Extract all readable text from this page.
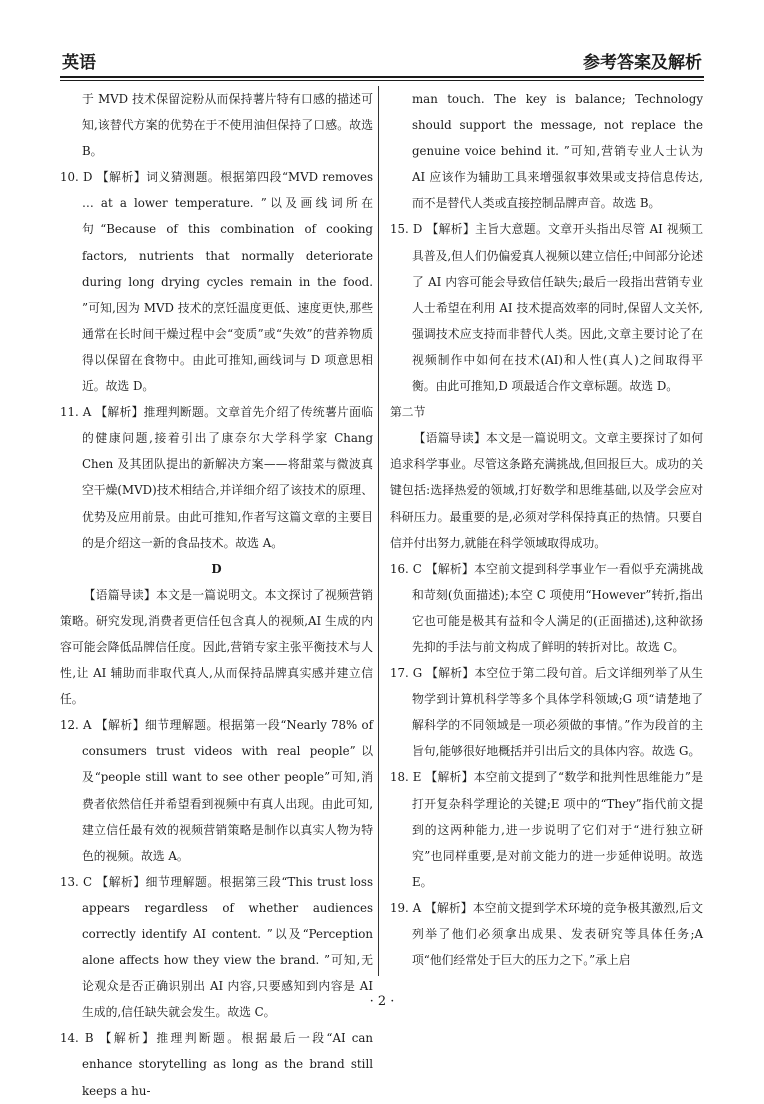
英语	参考答案及解析

于 MVD 技术保留淀粉从而保持薯片特有口感的描述可知,该替代方案的优势在于不使用油但保持了口感。故选 B。

10. D 【解析】词义猜测题。根据第四段“MVD removes … at a lower temperature. ”以及画线词所在句“Because of this combination of cooking factors, nutrients that normally deteriorate during long drying cycles remain in the food. ”可知,因为 MVD 技术的烹饪温度更低、速度更快,那些通常在长时间干燥过程中会“变质”或“失效”的营养物质得以保留在食物中。由此可推知,画线词与 D 项意思相近。故选 D。

11. A 【解析】推理判断题。文章首先介绍了传统薯片面临的健康问题,接着引出了康奈尔大学科学家 Chang Chen 及其团队提出的新解决方案——将甜菜与微波真空干燥(MVD)技术相结合,并详细介绍了该技术的原理、优势及应用前景。由此可推知,作者写这篇文章的主要目的是介绍这一新的食品技术。故选 A。

D

【语篇导读】本文是一篇说明文。本文探讨了视频营销策略。研究发现,消费者更信任包含真人的视频,AI 生成的内容可能会降低品牌信任度。因此,营销专家主张平衡技术与人性,让 AI 辅助而非取代真人,从而保持品牌真实感并建立信任。

12. A 【解析】细节理解题。根据第一段“Nearly 78% of consumers trust videos with real people”以及“people still want to see other people”可知,消费者依然信任并希望看到视频中有真人出现。由此可知,建立信任最有效的视频营销策略是制作以真实人物为特色的视频。故选 A。

13. C 【解析】细节理解题。根据第三段“This trust loss appears regardless of whether audiences correctly identify AI content. ”以及“Perception alone affects how they view the brand. ”可知,无论观众是否正确识别出 AI 内容,只要感知到内容是 AI 生成的,信任缺失就会发生。故选 C。

14. B 【解析】推理判断题。根据最后一段“AI can enhance storytelling as long as the brand still keeps a hu-

man touch. The key is balance; Technology should support the message, not replace the genuine voice behind it. ”可知,营销专业人士认为 AI 应该作为辅助工具来增强叙事效果或支持信息传达,而不是替代人类或直接控制品牌声音。故选 B。

15. D 【解析】主旨大意题。文章开头指出尽管 AI 视频工具普及,但人们仍偏爱真人视频以建立信任;中间部分论述了 AI 内容可能会导致信任缺失;最后一段指出营销专业人士希望在利用 AI 技术提高效率的同时,保留人文关怀,强调技术应支持而非替代人类。因此,文章主要讨论了在视频制作中如何在技术(AI)和人性(真人)之间取得平衡。由此可推知,D 项最适合作文章标题。故选 D。

第二节

【语篇导读】本文是一篇说明文。文章主要探讨了如何追求科学事业。尽管这条路充满挑战,但回报巨大。成功的关键包括:选择热爱的领域,打好数学和思维基础,以及学会应对科研压力。最重要的是,必须对学科保持真正的热情。只要自信并付出努力,就能在科学领域取得成功。

16. C 【解析】本空前文提到科学事业乍一看似乎充满挑战和苛刻(负面描述);本空 C 项使用“However”转折,指出它也可能是极其有益和令人满足的(正面描述),这种欲扬先抑的手法与前文构成了鲜明的转折对比。故选 C。

17. G 【解析】本空位于第二段句首。后文详细列举了从生物学到计算机科学等多个具体学科领域;G 项“请楚地了解科学的不同领域是一项必须做的事情。”作为段首的主旨句,能够很好地概括并引出后文的具体内容。故选 G。

18. E 【解析】本空前文提到了“数学和批判性思维能力”是打开复杂科学理论的关键;E 项中的“They”指代前文提到的这两种能力,进一步说明了它们对于“进行独立研究”也同样重要,是对前文能力的进一步延伸说明。故选 E。

19. A 【解析】本空前文提到学术环境的竞争极其激烈,后文列举了他们必须拿出成果、发表研究等具体任务;A 项“他们经常处于巨大的压力之下。”承上启

· 2 ·
